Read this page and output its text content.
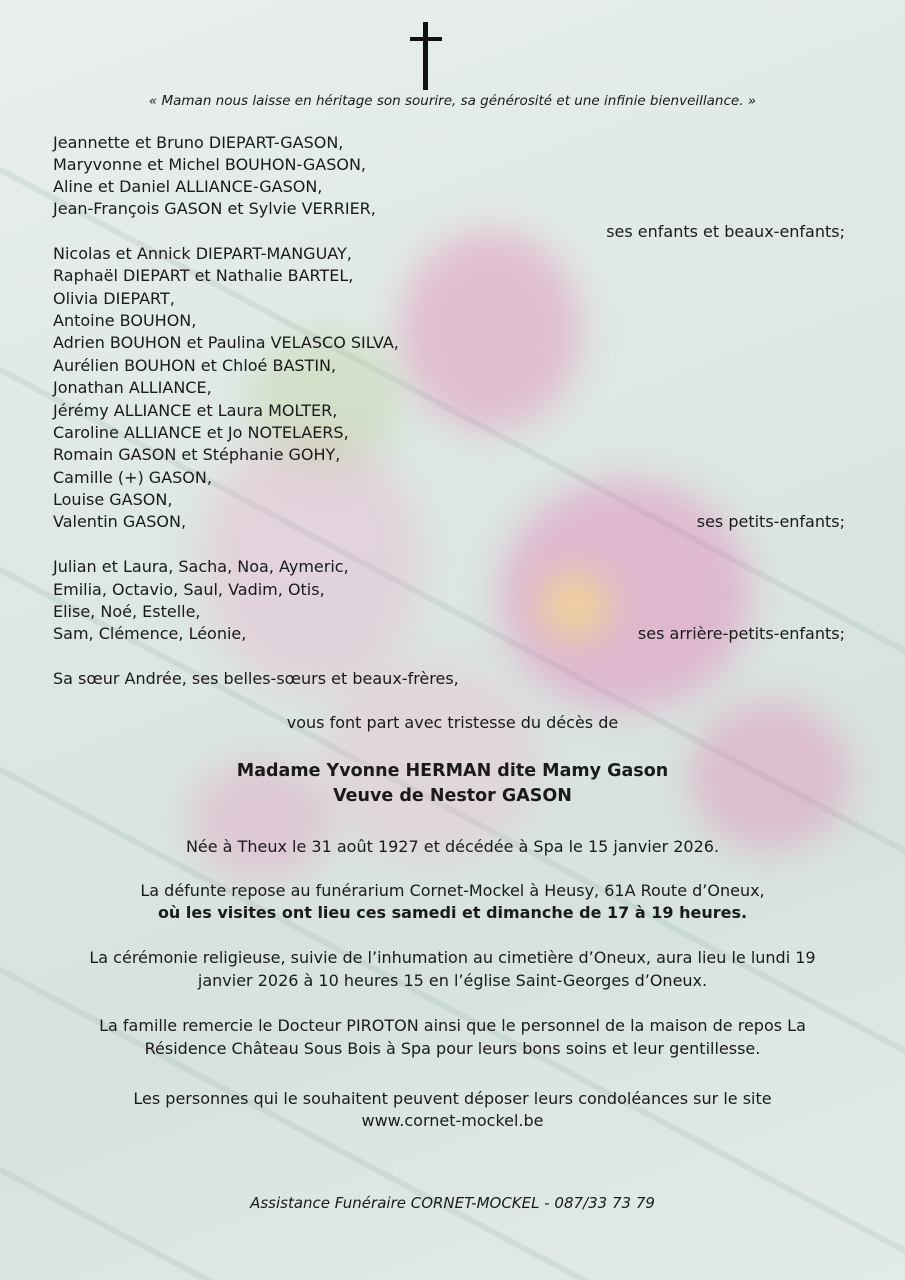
« Maman nous laisse en héritage son sourire, sa générosité et une infinie bienveillance. »
Jeannette et Bruno DIEPART-GASON,
Maryvonne et Michel BOUHON-GASON,
Aline et Daniel ALLIANCE-GASON,
Jean-François GASON et Sylvie VERRIER,
ses enfants et beaux-enfants;
Nicolas et Annick DIEPART-MANGUAY,
Raphaël DIEPART et Nathalie BARTEL,
Olivia DIEPART,
Antoine BOUHON,
Adrien BOUHON et Paulina VELASCO SILVA,
Aurélien BOUHON et Chloé BASTIN,
Jonathan ALLIANCE,
Jérémy ALLIANCE et Laura MOLTER,
Caroline ALLIANCE et Jo NOTELAERS,
Romain GASON et Stéphanie GOHY,
Camille (+) GASON,
Louise GASON,
Valentin GASON,	ses petits-enfants;
Julian et Laura, Sacha, Noa, Aymeric,
Emilia, Octavio, Saul, Vadim, Otis,
Elise, Noé, Estelle,
Sam, Clémence, Léonie,	ses arrière-petits-enfants;
Sa sœur Andrée, ses belles-sœurs et beaux-frères,
vous font part avec tristesse du décès de
Madame Yvonne HERMAN dite Mamy Gason
Veuve de Nestor GASON
Née à Theux le 31 août 1927 et décédée à Spa le 15 janvier 2026.
La défunte repose au funérarium Cornet-Mockel à Heusy, 61A Route d’Oneux,
où les visites ont lieu ces samedi et dimanche de 17 à 19 heures.
La cérémonie religieuse, suivie de l’inhumation au cimetière d’Oneux, aura lieu le lundi 19
janvier 2026 à 10 heures 15 en l’église Saint-Georges d’Oneux.
La famille remercie le Docteur PIROTON ainsi que le personnel de la maison de repos La
Résidence Château Sous Bois à Spa pour leurs bons soins et leur gentillesse.
Les personnes qui le souhaitent peuvent déposer leurs condoléances sur le site
www.cornet-mockel.be
Assistance Funéraire CORNET-MOCKEL - 087/33 73 79
